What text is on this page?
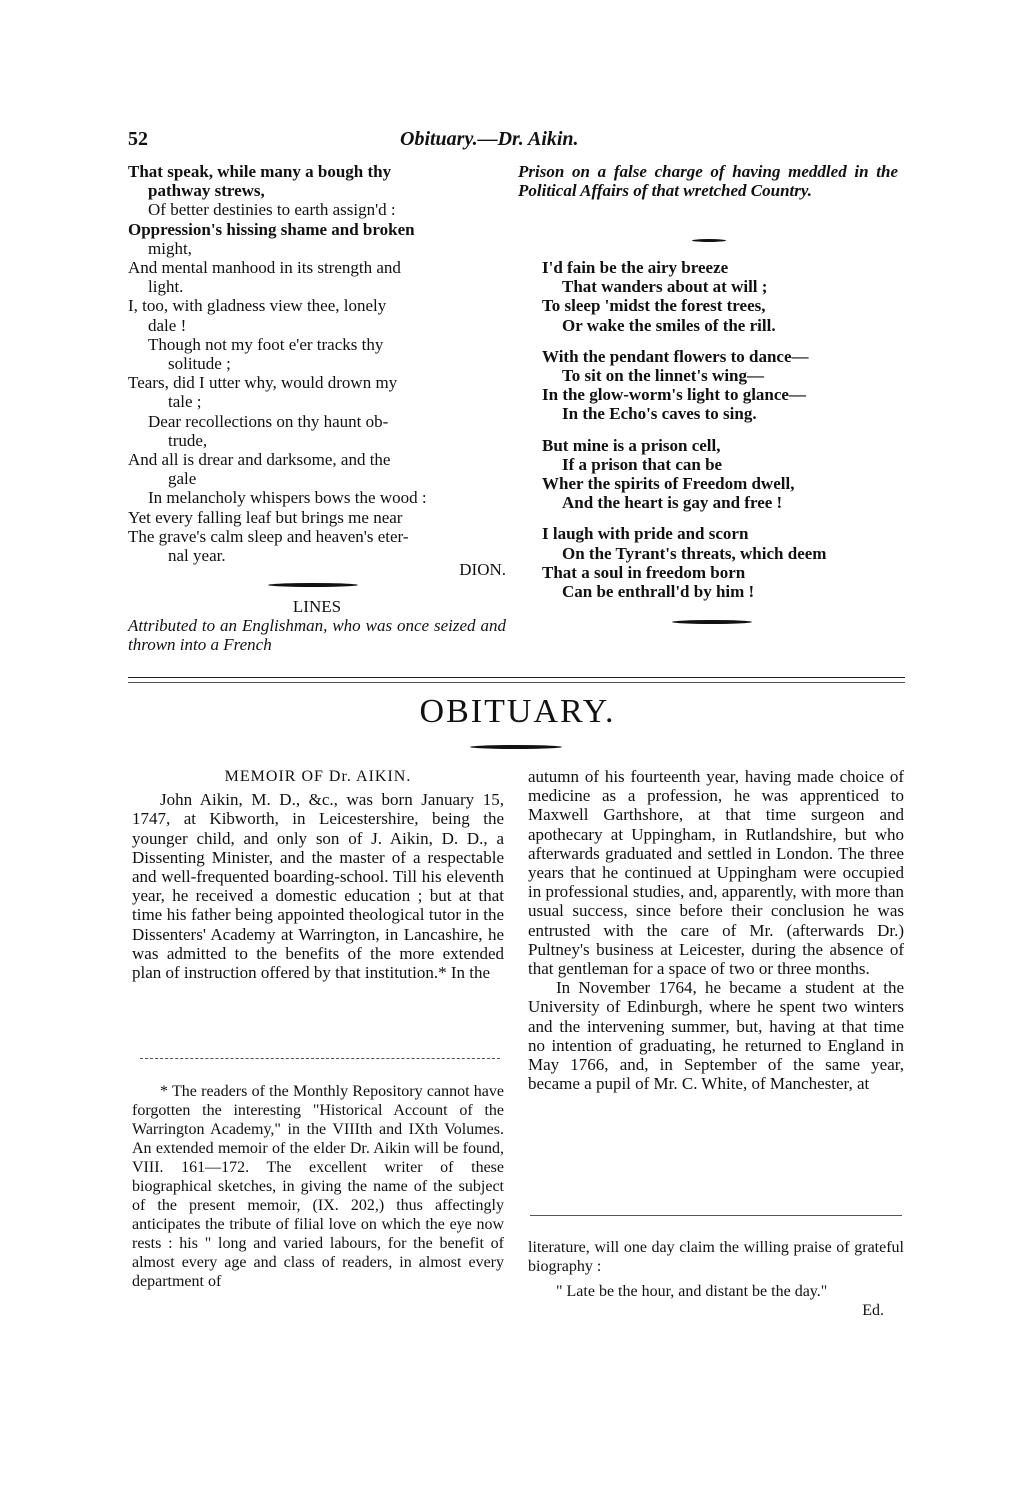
52	Obituary.—Dr. Aikin.
That speak, while many a bough thy
pathway strews,
Of better destinies to earth assign'd :
Oppression's hissing shame and broken
might,
And mental manhood in its strength and
light.
I, too, with gladness view thee, lonely
dale !
Though not my foot e'er tracks thy
solitude ;
Tears, did I utter why, would drown my
tale ;
Dear recollections on thy haunt ob-
trude,
And all is drear and darksome, and the
gale
In melancholy whispers bows the wood :
Yet every falling leaf but brings me near
The grave's calm sleep and heaven's eter-
nal year.
DION.
LINES
Attributed to an Englishman, who was once seized and thrown into a French
Prison on a false charge of having meddled in the Political Affairs of that wretched Country.
I'd fain be the airy breeze
That wanders about at will ;
To sleep 'midst the forest trees,
Or wake the smiles of the rill.
With the pendant flowers to dance—
To sit on the linnet's wing—
In the glow-worm's light to glance—
In the Echo's caves to sing.
But mine is a prison cell,
If a prison that can be
Wher the spirits of Freedom dwell,
And the heart is gay and free !
I laugh with pride and scorn
On the Tyrant's threats, which deem
That a soul in freedom born
Can be enthrall'd by him !
OBITUARY.
MEMOIR OF Dr. AIKIN.
John Aikin, M. D., &c., was born January 15, 1747, at Kibworth, in Leicestershire, being the younger child, and only son of J. Aikin, D. D., a Dissenting Minister, and the master of a respectable and well-frequented boarding-school. Till his eleventh year, he received a domestic education ; but at that time his father being appointed theological tutor in the Dissenters' Academy at Warrington, in Lancashire, he was admitted to the benefits of the more extended plan of instruction offered by that institution.* In the
* The readers of the Monthly Repository cannot have forgotten the interesting "Historical Account of the Warrington Academy," in the VIIIth and IXth Volumes. An extended memoir of the elder Dr. Aikin will be found, VIII. 161—172. The excellent writer of these biographical sketches, in giving the name of the subject of the present memoir, (IX. 202,) thus affectingly anticipates the tribute of filial love on which the eye now rests : his " long and varied labours, for the benefit of almost every age and class of readers, in almost every department of
autumn of his fourteenth year, having made choice of medicine as a profession, he was apprenticed to Maxwell Garthshore, at that time surgeon and apothecary at Uppingham, in Rutlandshire, but who afterwards graduated and settled in London. The three years that he continued at Uppingham were occupied in professional studies, and, apparently, with more than usual success, since before their conclusion he was entrusted with the care of Mr. (afterwards Dr.) Pultney's business at Leicester, during the absence of that gentleman for a space of two or three months.
In November 1764, he became a student at the University of Edinburgh, where he spent two winters and the intervening summer, but, having at that time no intention of graduating, he returned to England in May 1766, and, in September of the same year, became a pupil of Mr. C. White, of Manchester, at
literature, will one day claim the willing praise of grateful biography :
" Late be the hour, and distant be the day."
Ed.
